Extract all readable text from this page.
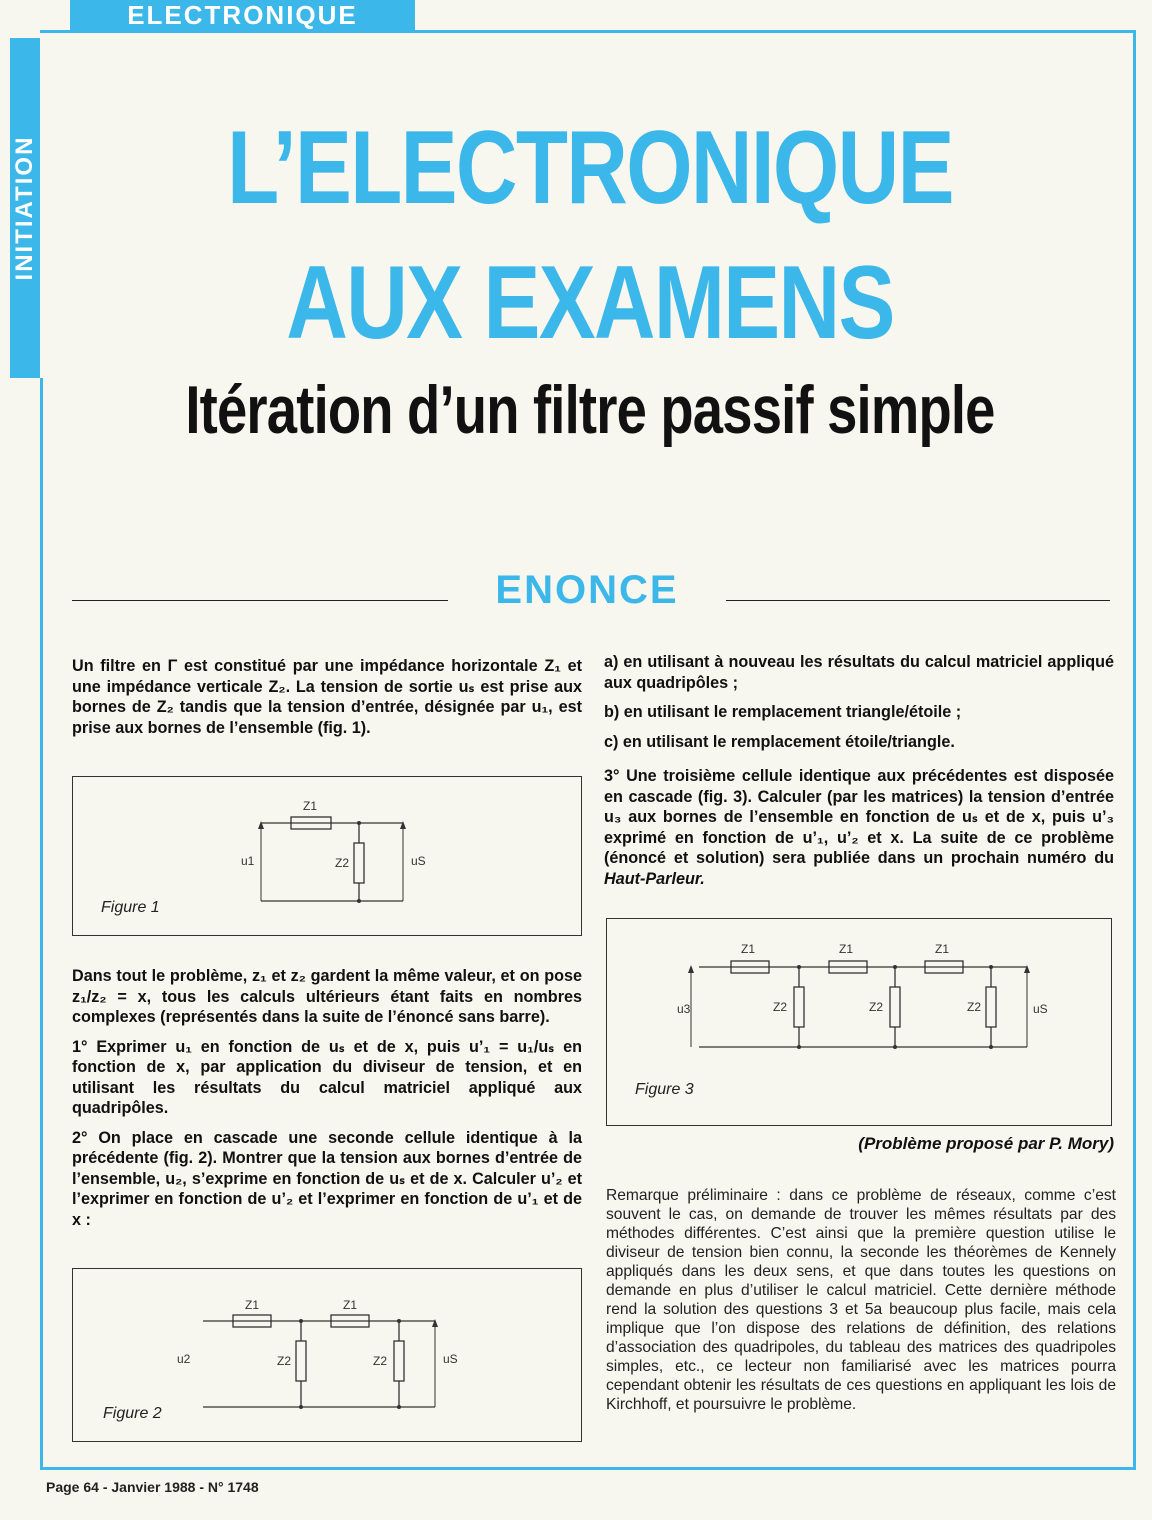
ELECTRONIQUE
INITIATION	L’ELECTRONIQUE
AUX EXAMENS
Itération d’un filtre passif simple
ENONCE

Un filtre en Γ est constitué par une impédance horizontale Z₁ et une impédance verticale Z₂. La tension de sortie uₛ est prise aux bornes de Z₂ tandis que la tension d’entrée, désignée par u₁, est prise aux bornes de l’ensemble (fig. 1).

Z1
Z2
u1	uS
Figure 1

Dans tout le problème, z₁ et z₂ gardent la même valeur, et on pose z₁/z₂ = x, tous les calculs ultérieurs étant faits en nombres complexes (représentés dans la suite de l’énoncé sans barre).

1° Exprimer u₁ en fonction de uₛ et de x, puis u’₁ = u₁/uₛ en fonction de x, par application du diviseur de tension, et en utilisant les résultats du calcul matriciel appliqué aux quadripôles.

2° On place en cascade une seconde cellule identique à la précédente (fig. 2). Montrer que la tension aux bornes d’entrée de l’ensemble, u₂, s’exprime en fonction de uₛ et de x. Calculer u’₂ et l’exprimer en fonction de u’₂ et l’exprimer en fonction de u’₁ et de x :

Z1	Z1
Z2	Z2
u2	uS
Figure 2

a) en utilisant à nouveau les résultats du calcul matriciel appliqué aux quadripôles ;

b) en utilisant le remplacement triangle/étoile ;

c) en utilisant le remplacement étoile/triangle.

3° Une troisième cellule identique aux précédentes est disposée en cascade (fig. 3). Calculer (par les matrices) la tension d’entrée u₃ aux bornes de l’ensemble en fonction de uₛ et de x, puis u’₃ exprimé en fonction de u’₁, u’₂ et x. La suite de ce problème (énoncé et solution) sera publiée dans un prochain numéro du Haut-Parleur.

Z1	Z1	Z1
Z2	Z2	Z2
u3	uS
Figure 3
(Problème proposé par P. Mory)
Remarque préliminaire : dans ce problème de réseaux, comme c’est souvent le cas, on demande de trouver les mêmes résultats par des méthodes différentes. C’est ainsi que la première question utilise le diviseur de tension bien connu, la seconde les théorèmes de Kennely appliqués dans les deux sens, et que dans toutes les questions on demande en plus d’utiliser le calcul matriciel. Cette dernière méthode rend la solution des questions 3 et 5a beaucoup plus facile, mais cela implique que l’on dispose des relations de définition, des relations d’association des quadripoles, du tableau des matrices des quadripoles simples, etc., ce lecteur non familiarisé avec les matrices pourra cependant obtenir les résultats de ces questions en appliquant les lois de Kirchhoff, et poursuivre le problème.
Page 64 - Janvier 1988 - N° 1748
